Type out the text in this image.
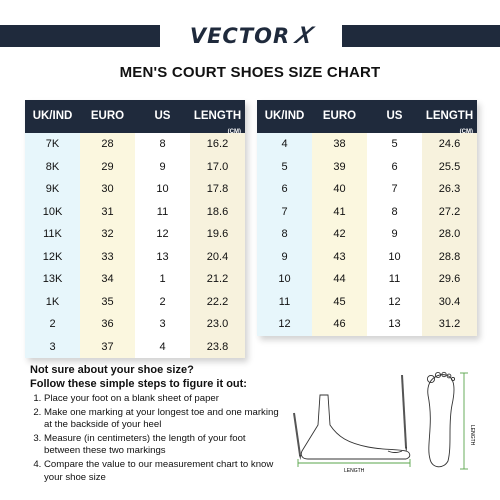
VECTOR X
MEN'S COURT SHOES SIZE CHART
UK/IND	EURO	US	LENGTH
(CM)
7K	28	8	16.2
8K	29	9	17.0
9K	30	10	17.8
10K	31	11	18.6
11K	32	12	19.6
12K	33	13	20.4
13K	34	1	21.2
1K	35	2	22.2
2	36	3	23.0
3	37	4	23.8
UK/IND	EURO	US	LENGTH
(CM)
4	38	5	24.6
5	39	6	25.5
6	40	7	26.3
7	41	8	27.2
8	42	9	28.0
9	43	10	28.8
10	44	11	29.6
11	45	12	30.4
12	46	13	31.2
Not sure about your shoe size?
Follow these simple steps to figure it out:
1. Place your foot on a blank sheet of paper
2. Make one marking at your longest toe and one marking at the backside of your heel
3. Measure (in centimeters) the length of your foot between these two markings
4. Compare the value to our measurement chart to know your shoe size
LENGTH
LENGTH
